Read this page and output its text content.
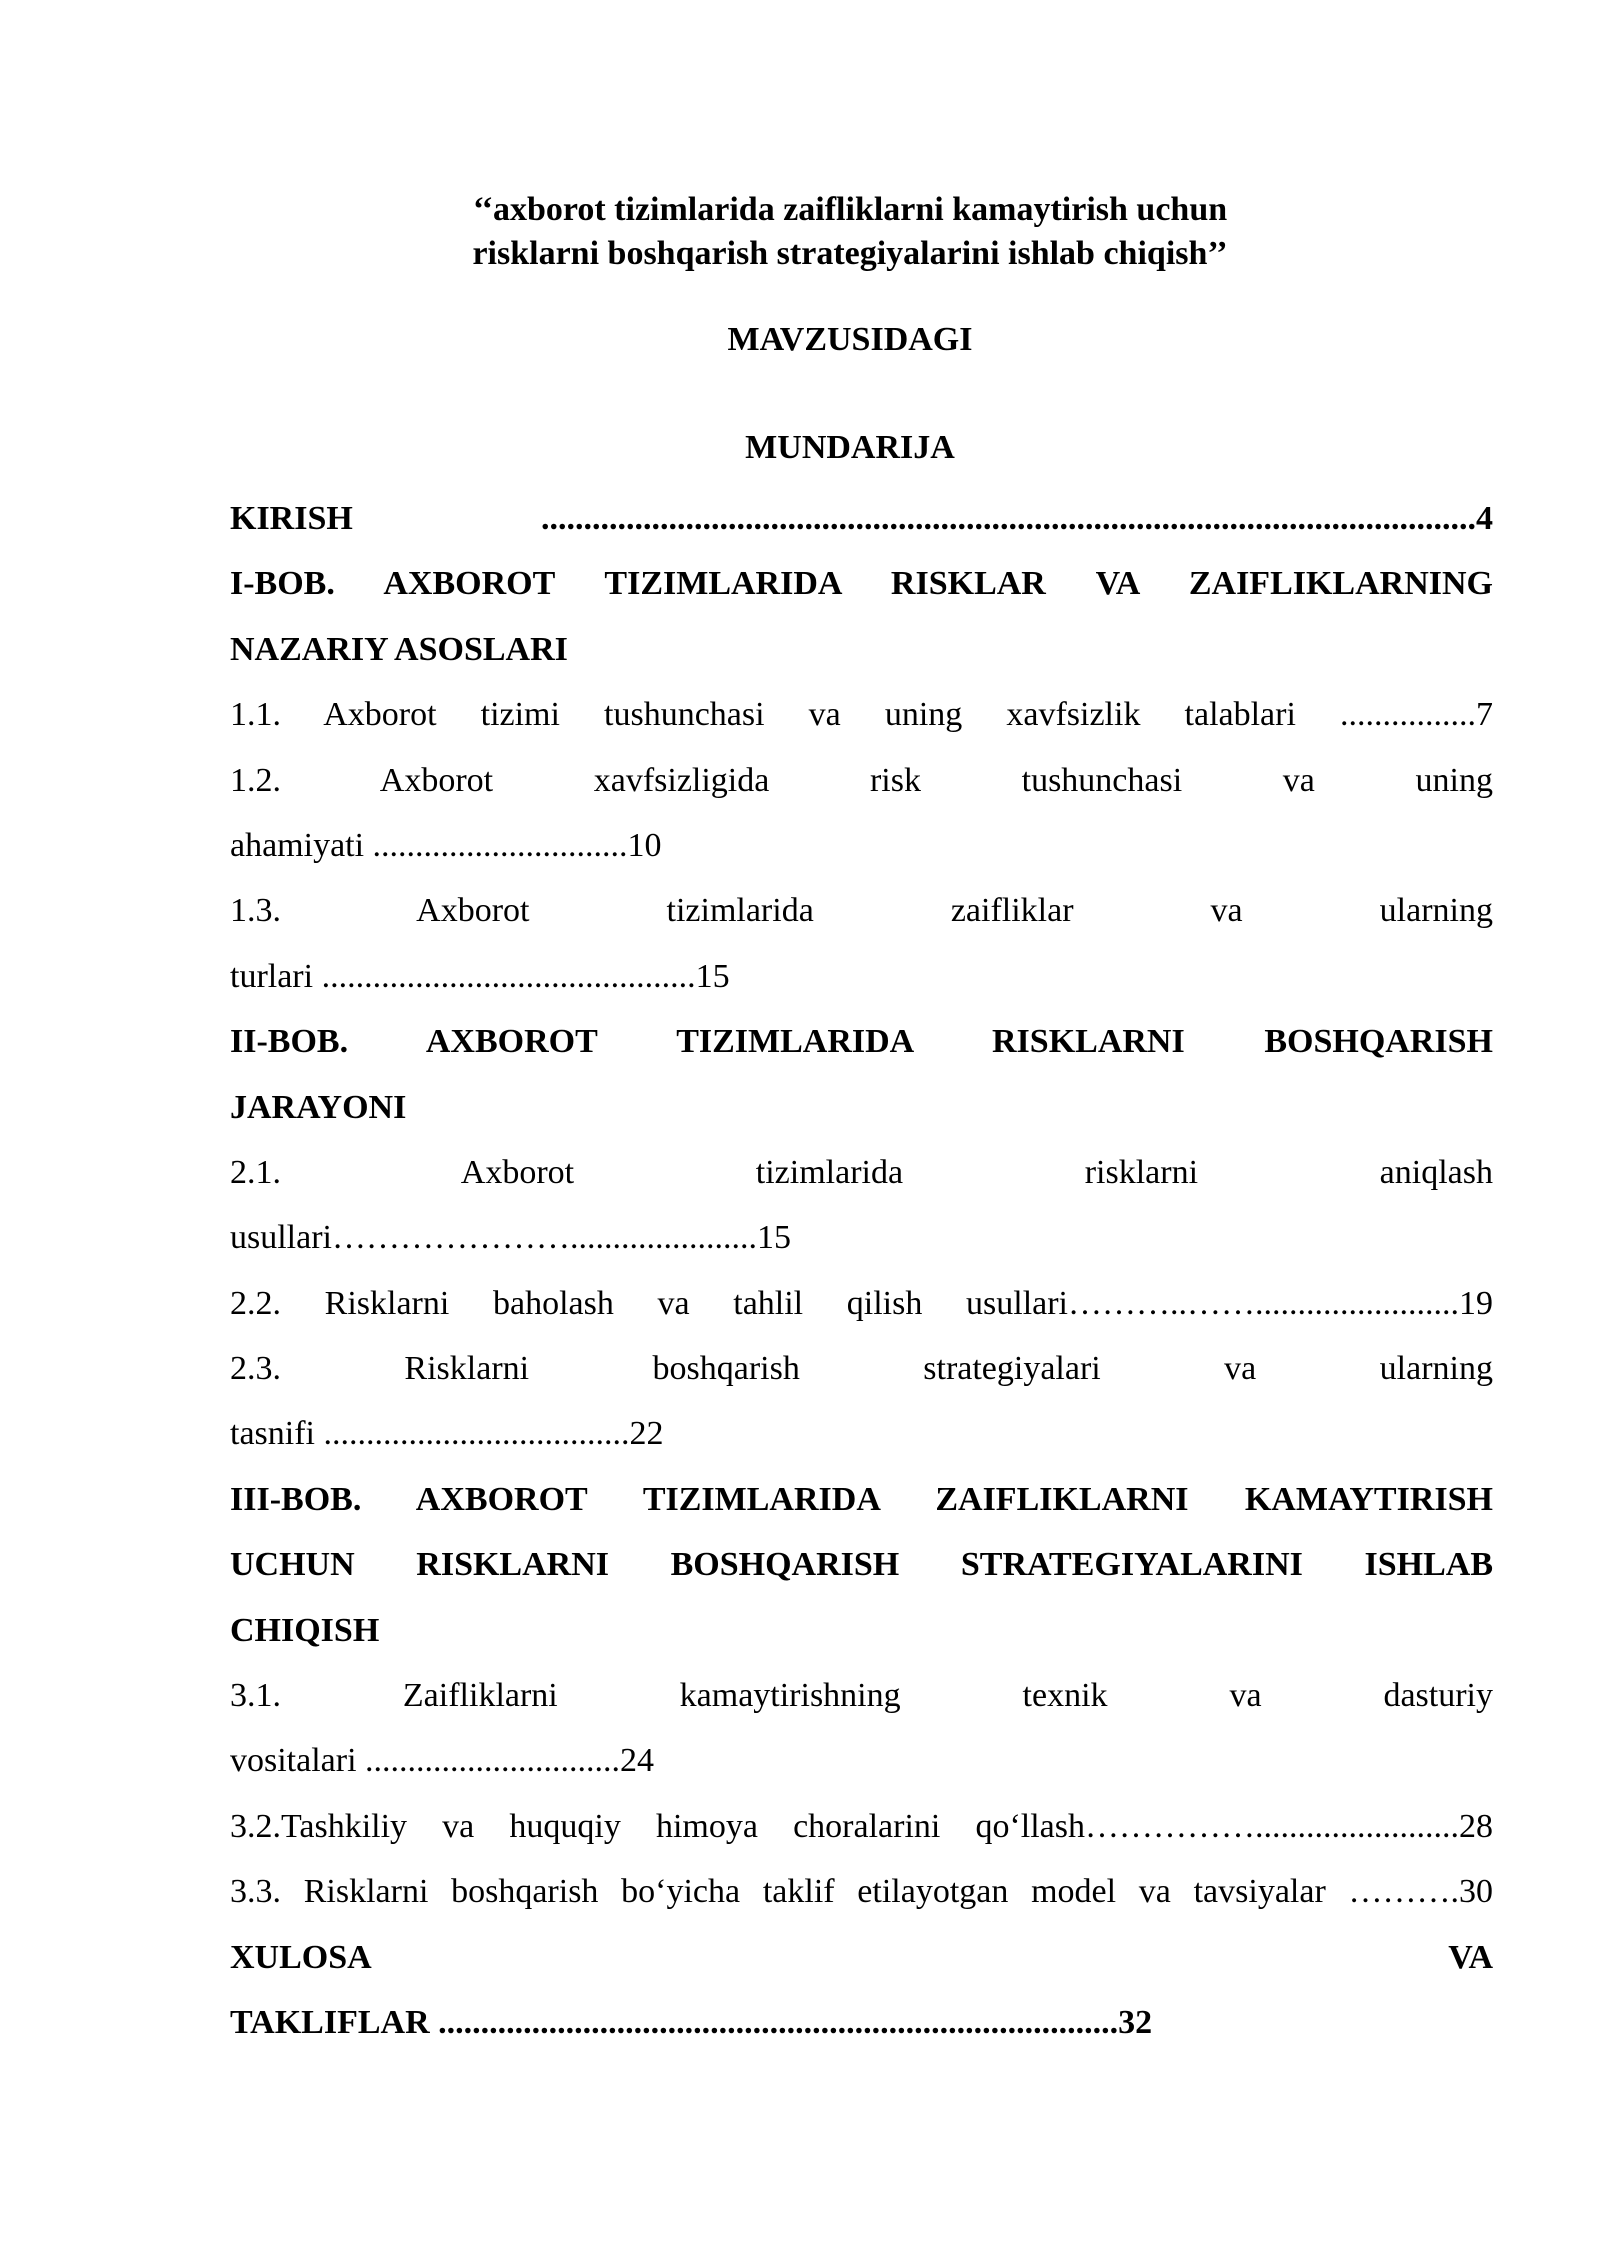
‘‘axborot tizimlarida zaifliklarni kamaytirish uchun
risklarni boshqarish strategiyalarini ishlab chiqish’’
MAVZUSIDAGI
MUNDARIJA
KIRISH ..............................................................................................................4
I-BOB. AXBOROT TIZIMLARIDA RISKLAR VA ZAIFLIKLARNING
NAZARIY ASOSLARI
1.1. Axborot tizimi tushunchasi va uning xavfsizlik talablari ................7
1.2. Axborot xavfsizligida risk tushunchasi va uning
ahamiyati ..............................10
1.3. Axborot tizimlarida zaifliklar va ularning
turlari ............................................15
II-BOB. AXBOROT TIZIMLARIDA RISKLARNI BOSHQARISH
JARAYONI
2.1. Axborot tizimlarida risklarni aniqlash
usullari…………………......................15
2.2. Risklarni baholash va tahlil qilish usullari………..……........................19
2.3. Risklarni boshqarish strategiyalari va ularning
tasnifi ....................................22
III-BOB. AXBOROT TIZIMLARIDA ZAIFLIKLARNI KAMAYTIRISH
UCHUN RISKLARNI BOSHQARISH STRATEGIYALARINI ISHLAB
CHIQISH
3.1. Zaifliklarni kamaytirishning texnik va dasturiy
vositalari ..............................24
3.2.Tashkiliy va huquqiy himoya choralarini qo‘llash……………........................28
3.3. Risklarni boshqarish bo‘yicha taklif etilayotgan model va tavsiyalar ……….30
XULOSA VA
TAKLIFLAR ................................................................................32
